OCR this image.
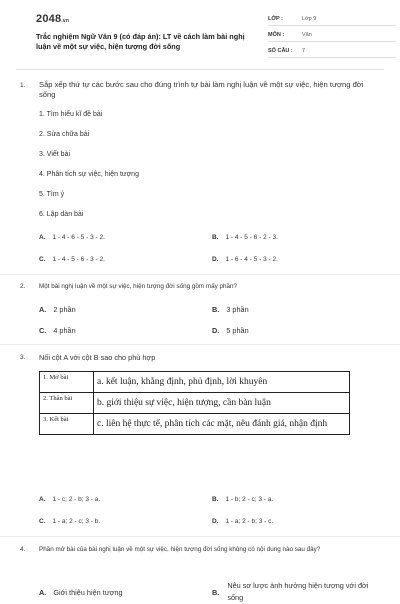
2048.vn
Trắc nghiệm Ngữ Văn 9 (có đáp án): LT về cách làm bài nghị luận về một sự việc, hiện tượng đời sống
LỚP :	Lớp 9
MÔN :	Văn
SỐ CÂU :	7
1. Sắp xếp thứ tự các bước sau cho đúng trình tự bài làm nghị luận về một sự việc, hiện tượng đời sống
1. Tìm hiểu kĩ đề bài
2. Sửa chữa bài
3. Viết bài
4. Phân tích sự việc, hiện tượng
5. Tìm ý
6. Lập dàn bài
A. 1 - 4 - 6 - 5 - 3 - 2.	B. 1 - 4 - 5 - 6 - 2 - 3.
C. 1 - 4 - 5 - 6 - 3 - 2.	D. 1 - 6 - 4 - 5 - 3 - 2.
2. Một bài nghị luận về một sự việc, hiện tượng đời sống gồm mấy phần?
A. 2 phần	B. 3 phần
C. 4 phần	D. 5 phần
3. Nối cột A với cột B sao cho phù hợp
1. Mở bài	a. kết luận, khẳng định, phủ định, lời khuyên
2. Thân bài	b. giới thiệu sự việc, hiện tượng, cần bàn luận
3. Kết bài	c. liên hệ thực tế, phân tích các mặt, nêu đánh giá, nhận định
A. 1 - c; 2 - b; 3 - a.	B. 1 - b; 2 - c; 3 - a.
C. 1 - a; 2 - c; 3 - b.	D. 1 - a; 2 - b; 3 - c.
4. Phần mở bài của bài nghị luận về một sự việc, hiện tượng đời sống không có nội dung nào sau đây?
A. Giới thiệu hiện tượng	B.
Nêu sơ lược ảnh hưởng hiện tượng với đời sống
